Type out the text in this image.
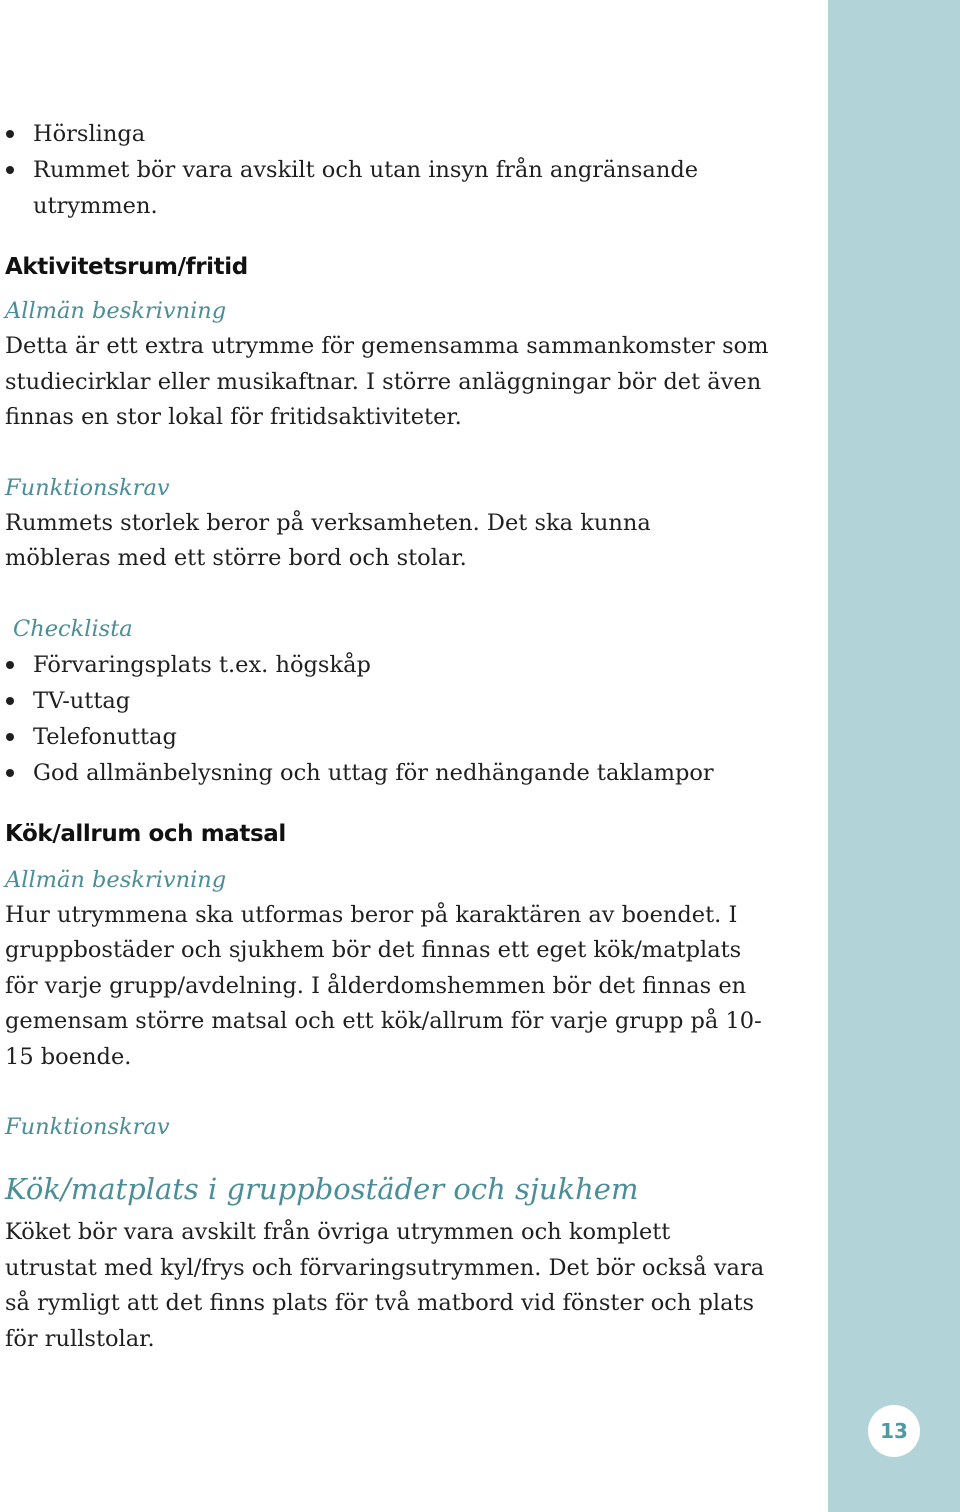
13
Hörslinga
Rummet bör vara avskilt och utan insyn från angränsande utrymmen.
Aktivitetsrum/fritid

Allmän beskrivning

Detta är ett extra utrymme för gemensamma sammankomster som studiecirklar eller musikaftnar. I större anläggningar bör det även finnas en stor lokal för fritidsaktiviteter.

Funktionskrav

Rummets storlek beror på verksamheten. Det ska kunna möbleras med ett större bord och stolar.

Checklista

Förvaringsplats t.ex. högskåp
TV-uttag
Telefonuttag
God allmänbelysning och uttag för nedhängande taklampor
Kök/allrum och matsal

Allmän beskrivning

Hur utrymmena ska utformas beror på karaktären av boendet. I gruppbostäder och sjukhem bör det finnas ett eget kök/matplats för varje grupp/avdelning. I ålderdomshemmen bör det finnas en gemensam större matsal och ett kök/allrum för varje grupp på 10-15 boende.

Funktionskrav

Kök/matplats i gruppbostäder och sjukhem

Köket bör vara avskilt från övriga utrymmen och komplett utrustat med kyl/frys och förvaringsutrymmen. Det bör också vara så rymligt att det finns plats för två matbord vid fönster och plats för rullstolar.
